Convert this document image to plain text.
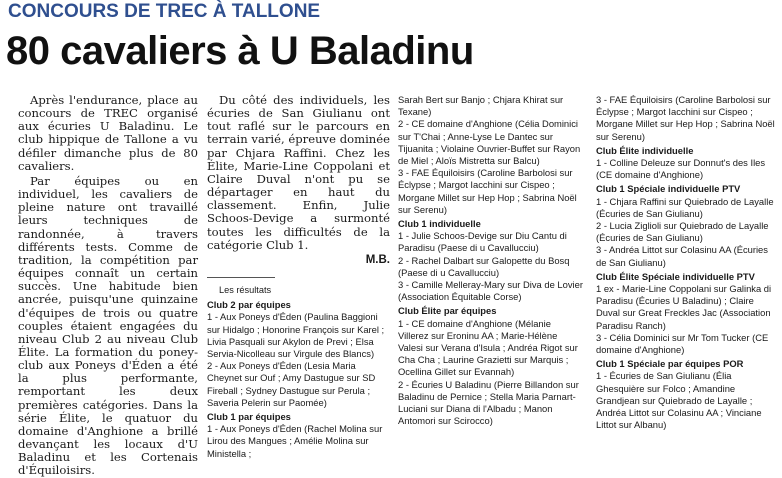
CONCOURS DE TREC À TALLONE
80 cavaliers à U Baladinu

Après l'endurance, place au concours de TREC organisé aux écuries U Baladinu. Le club hippique de Tallone a vu défiler dimanche plus de 80 cavaliers.

Par équipes ou en individuel, les cavaliers de pleine nature ont travaillé leurs techniques de randonnée, à travers différents tests. Comme de tradition, la compétition par équipes connaît un certain succès. Une habitude bien ancrée, puisqu'une quinzaine d'équipes de trois ou quatre couples étaient engagées du niveau Club 2 au niveau Club Élite. La formation du poney-club aux Poneys d'Éden a été la plus performante, remportant les deux premières catégories. Dans la série Élite, le quatuor du domaine d'Anghione a brillé devançant les locaux d'U Baladinu et les Cortenais d'Équiloisirs.

Du côté des individuels, les écuries de San Giulianu ont tout raflé sur le parcours en terrain varié, épreuve dominée par Chjara Raffini. Chez les Élite, Marie-Line Coppolani et Claire Duval n'ont pu se départager en haut du classement. Enfin, Julie Schoos-Devige a surmonté toutes les difficultés de la catégorie Club 1.

M.B.

Les résultats

Club 2 par équipes

1 - Aux Poneys d'Éden (Paulina Baggioni sur Hidalgo ; Honorine François sur Karel ; Livia Pasquali sur Akylon de Previ ; Elsa Servia-Nicolleau sur Virgule des Blancs)

2 - Aux Poneys d'Éden (Lesia Maria Cheynet sur Ouf ; Amy Dastugue sur SD Fireball ; Sydney Dastugue sur Perula ; Saveria Pelerin sur Paomée)

Club 1 par équipes

1 - Aux Poneys d'Éden (Rachel Molina sur Lirou des Mangues ; Amélie Molina sur Ministella ;

Sarah Bert sur Banjo ; Chjara Khirat sur Texane)

2 - CE domaine d'Anghione (Célia Dominici sur T'Chai ; Anne-Lyse Le Dantec sur Tijuanita ; Violaine Ouvrier-Buffet sur Rayon de Miel ; Aloïs Mistretta sur Balcu)

3 - FAE Équiloisirs (Caroline Barbolosi sur Éclypse ; Margot Iacchini sur Cispeo ; Morgane Millet sur Hep Hop ; Sabrina Noël sur Serenu)

Club 1 individuelle

1 - Julie Schoos-Devige sur Diu Cantu di Paradisu (Paese di u Cavallucciu)

2 - Rachel Dalbart sur Galopette du Bosq (Paese di u Cavallucciu)

3 - Camille Melleray-Mary sur Diva de Lovier (Association Équitable Corse)

Club Élite par équipes

1 - CE domaine d'Anghione (Mélanie Villerez sur Eroninu AA ; Marie-Hélène Valesi sur Verana d'Isula ; Andréa Rigot sur Cha Cha ; Laurine Grazietti sur Marquis ; Ocellina Gillet sur Evannah)

2 - Écuries U Baladinu (Pierre Billandon sur Baladinu de Pernice ; Stella Maria Parnart-Luciani sur Diana di l'Albadu ; Manon Antomori sur Scirocco)

3 - FAE Équiloisirs (Caroline Barbolosi sur Éclypse ; Margot Iacchini sur Cispeo ; Morgane Millet sur Hep Hop ; Sabrina Noël sur Serenu)

Club Élite individuelle

1 - Colline Deleuze sur Donnut's des Iles (CE domaine d'Anghione)

Club 1 Spéciale individuelle PTV

1 - Chjara Raffini sur Quiebrado de Layalle (Écuries de San Giulianu)

2 - Lucia Ziglioli sur Quiebrado de Layalle (Écuries de San Giulianu)

3 - Andréa Littot sur Colasinu AA (Écuries de San Giulianu)

Club Élite Spéciale individuelle PTV

1 ex - Marie-Line Coppolani sur Galinka di Paradisu (Écuries U Baladinu) ; Claire Duval sur Great Freckles Jac (Association Paradisu Ranch)

3 - Célia Dominici sur Mr Tom Tucker (CE domaine d'Anghione)

Club 1 Spéciale par équipes POR

1 - Écuries de San Giulianu (Élia Ghesquière sur Folco ; Amandine Grandjean sur Quiebrado de Layalle ; Andréa Littot sur Colasinu AA ; Vinciane Littot sur Albanu)
